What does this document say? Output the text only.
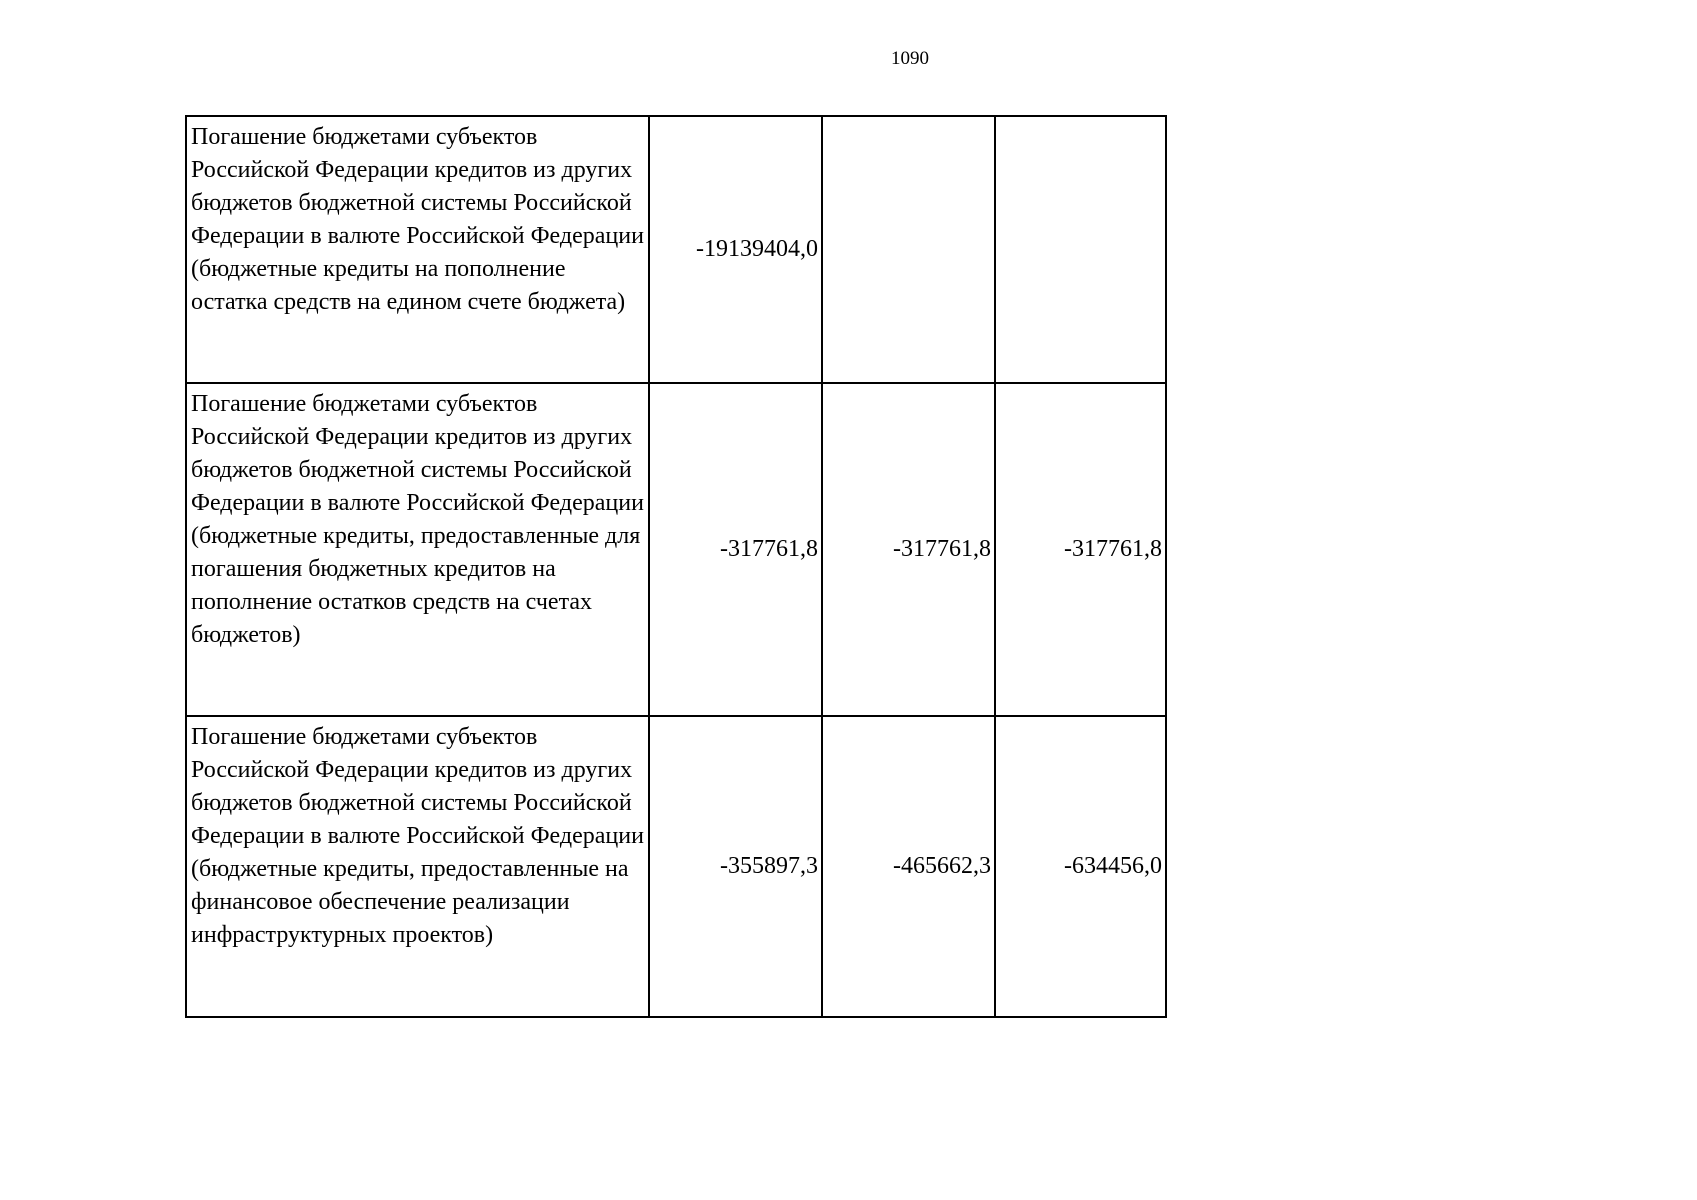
1090
Погашение бюджетами субъектов Российской Федерации кредитов из других бюджетов бюджетной системы Российской Федерации в валюте Российской Федерации (бюджетные кредиты на пополнение остатка средств на едином счете бюджета)	-19139404,0		

Погашение бюджетами субъектов Российской Федерации кредитов из других бюджетов бюджетной системы Российской Федерации в валюте Российской Федерации (бюджетные кредиты, предоставленные для погашения бюджетных кредитов на пополнение остатков средств на счетах бюджетов)	-317761,8	-317761,8	-317761,8

Погашение бюджетами субъектов Российской Федерации кредитов из других бюджетов бюджетной системы Российской Федерации в валюте Российской Федерации (бюджетные кредиты, предоставленные на финансовое обеспечение реализации инфраструктурных проектов)	-355897,3	-465662,3	-634456,0
